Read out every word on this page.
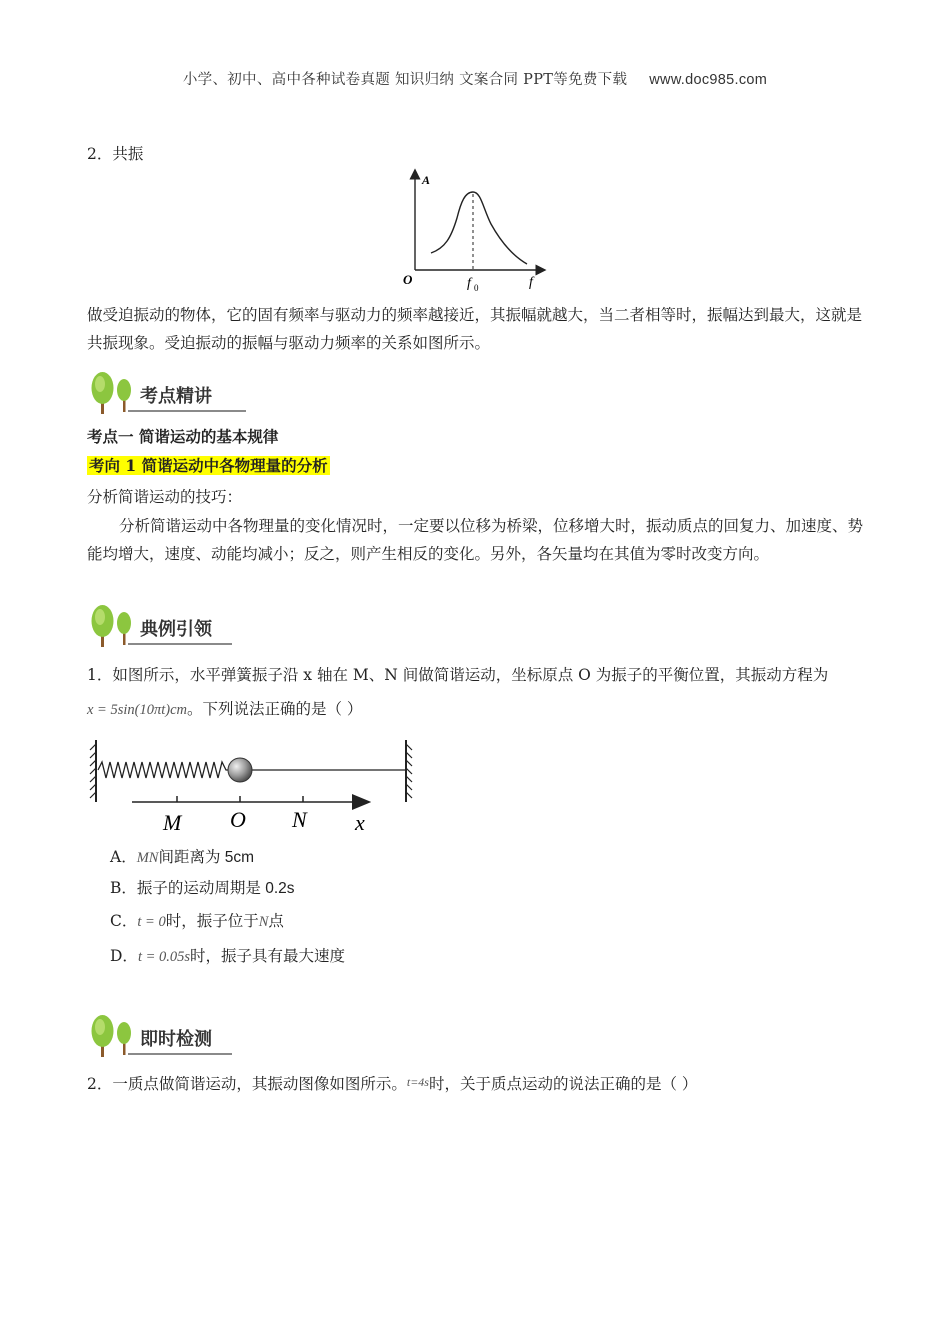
小学、初中、高中各种试卷真题 知识归纳 文案合同 PPT等免费下载 www.doc985.com
2．共振
A
O	f 0	f
做受迫振动的物体，它的固有频率与驱动力的频率越接近，其振幅就越大，当二者相等时，振幅达到最大，这就是共振现象。受迫振动的振幅与驱动力频率的关系如图所示。
考点精讲
考点一 简谐运动的基本规律
考向 1 简谐运动中各物理量的分析
分析简谐运动的技巧：
分析简谐运动中各物理量的变化情况时，一定要以位移为桥梁，位移增大时，振动质点的回复力、加速度、势能均增大，速度、动能均减小；反之，则产生相反的变化。另外，各矢量均在其值为零时改变方向。
典例引领
1．如图所示，水平弹簧振子沿 x 轴在 M、N 间做简谐运动，坐标原点 O 为振子的平衡位置，其振动方程为
x = 5sin(10πt)cm。下列说法正确的是（ ）
M O N x
A．MN间距离为 5cm
B．振子的运动周期是 0.2s
C．t = 0时，振子位于N点
D．t = 0.05s时，振子具有最大速度
即时检测
2．一质点做简谐运动，其振动图像如图所示。t=4s时，关于质点运动的说法正确的是（ ）
